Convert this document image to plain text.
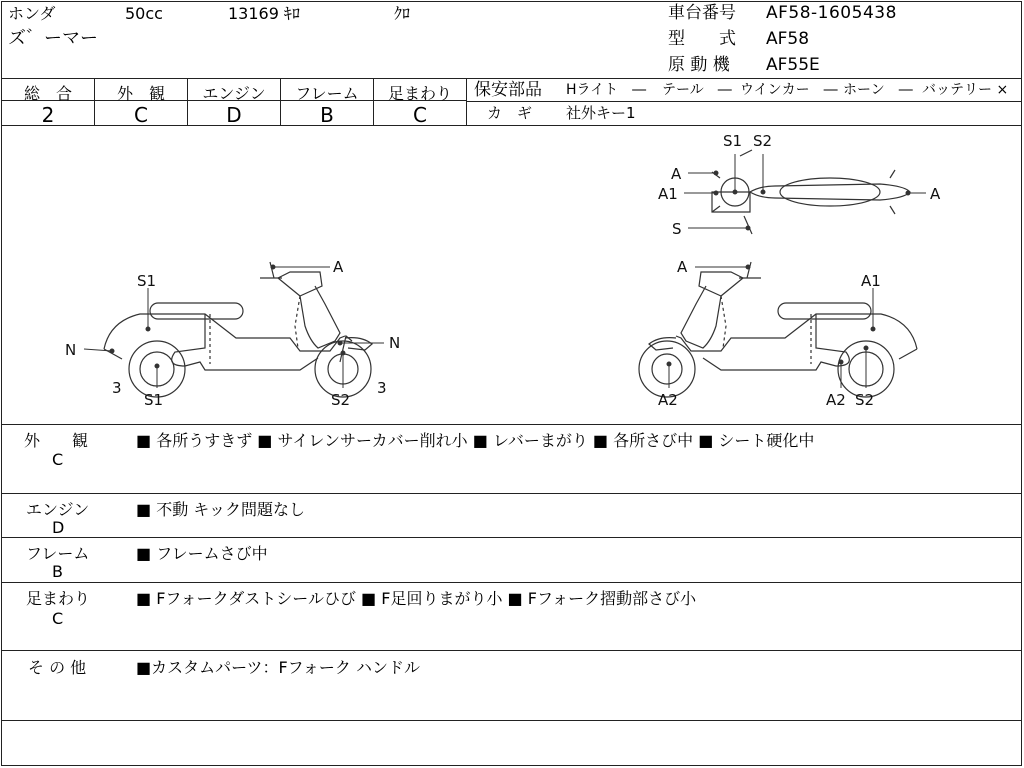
ホンダ	50cc	13169 ｷﾛ	ｸﾛ
ズ゛ーマー
車台番号 AF58-1605438
型　　式 AF58
原 動 機 AF55E
総　合
2
外　観
C
エンジン
D
フレーム
B
足まわり
C
保安部品 Hライト　― テール　― ウインカー　― ホーン　― バッテリー ×
カ　ギ 社外キー1
A
S1
N	N
3	3
S1	S2
A
A1
A2	A2 S2
S1 S2
A
A1	A
S
外　　観
C
■ 各所うすきず ■ サイレンサーカバー削れ小 ■ レバーまがり ■ 各所さび中 ■ シート硬化中
エンジン
D
■ 不動 キック問題なし
フレーム
B
■ フレームさび中
足まわり
C
■ Fフォークダストシールひび ■ F足回りまがり小 ■ Fフォーク摺動部さび小
そ の 他	■カスタムパーツ：Fフォーク ハンドル
